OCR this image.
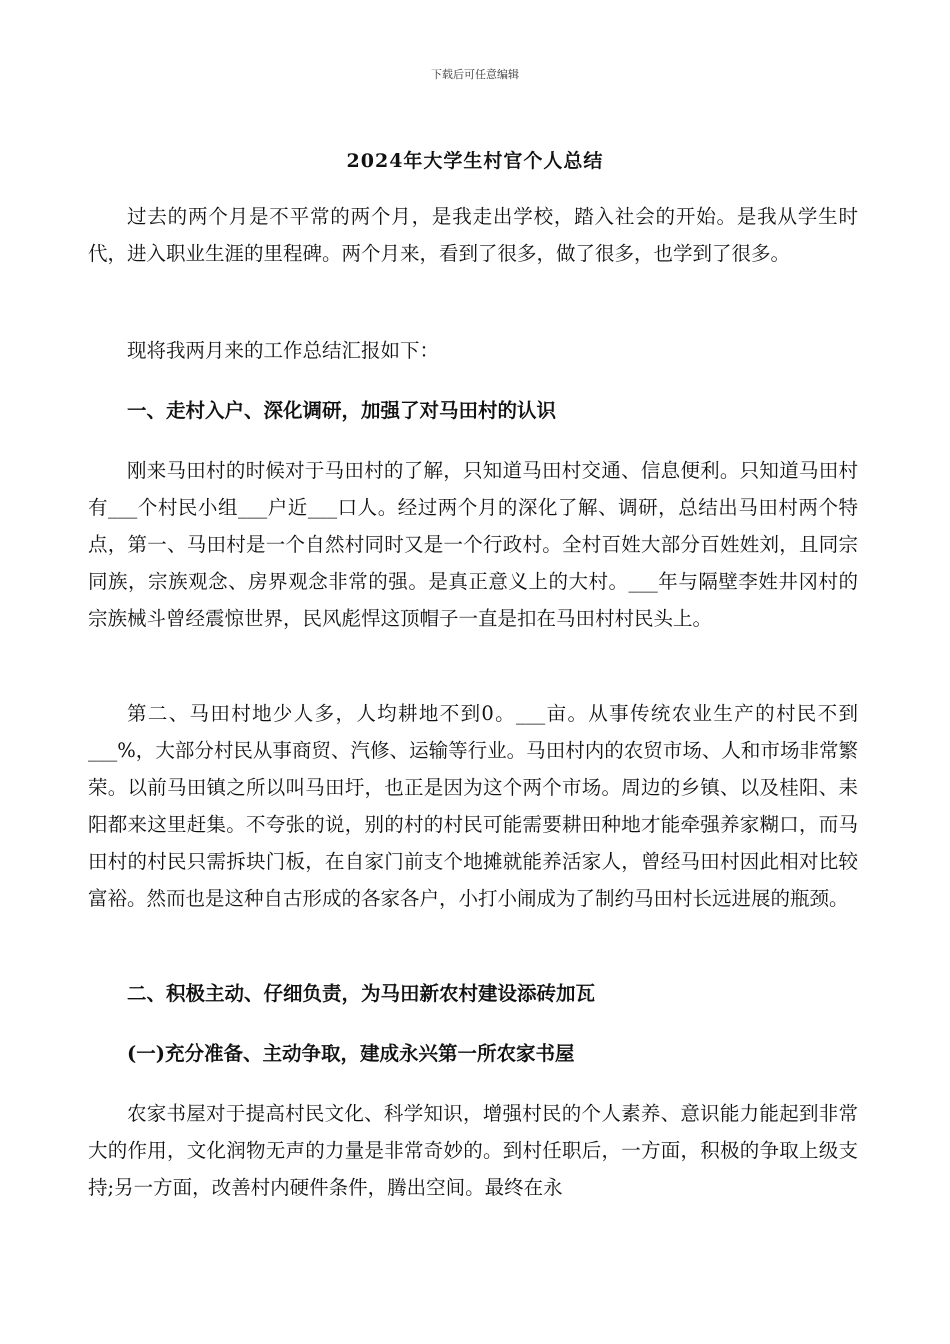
下载后可任意编辑
2024年大学生村官个人总结

过去的两个月是不平常的两个月，是我走出学校，踏入社会的开始。是我从学生时代，进入职业生涯的里程碑。两个月来，看到了很多，做了很多，也学到了很多。

现将我两月来的工作总结汇报如下：

一、走村入户、深化调研，加强了对马田村的认识

刚来马田村的时候对于马田村的了解，只知道马田村交通、信息便利。只知道马田村有___个村民小组___户近___口人。经过两个月的深化了解、调研，总结出马田村两个特点，第一、马田村是一个自然村同时又是一个行政村。全村百姓大部分百姓姓刘，且同宗同族，宗族观念、房界观念非常的强。是真正意义上的大村。___年与隔壁李姓井冈村的宗族械斗曾经震惊世界，民风彪悍这顶帽子一直是扣在马田村村民头上。

第二、马田村地少人多，人均耕地不到0。___亩。从事传统农业生产的村民不到___%，大部分村民从事商贸、汽修、运输等行业。马田村内的农贸市场、人和市场非常繁荣。以前马田镇之所以叫马田圩，也正是因为这个两个市场。周边的乡镇、以及桂阳、耒阳都来这里赶集。不夸张的说，别的村的村民可能需要耕田种地才能牵强养家糊口，而马田村的村民只需拆块门板，在自家门前支个地摊就能养活家人，曾经马田村因此相对比较富裕。然而也是这种自古形成的各家各户，小打小闹成为了制约马田村长远进展的瓶颈。

二、积极主动、仔细负责，为马田新农村建设添砖加瓦

(一)充分准备、主动争取，建成永兴第一所农家书屋

农家书屋对于提高村民文化、科学知识，增强村民的个人素养、意识能力能起到非常大的作用，文化润物无声的力量是非常奇妙的。到村任职后，一方面，积极的争取上级支持;另一方面，改善村内硬件条件，腾出空间。最终在永
